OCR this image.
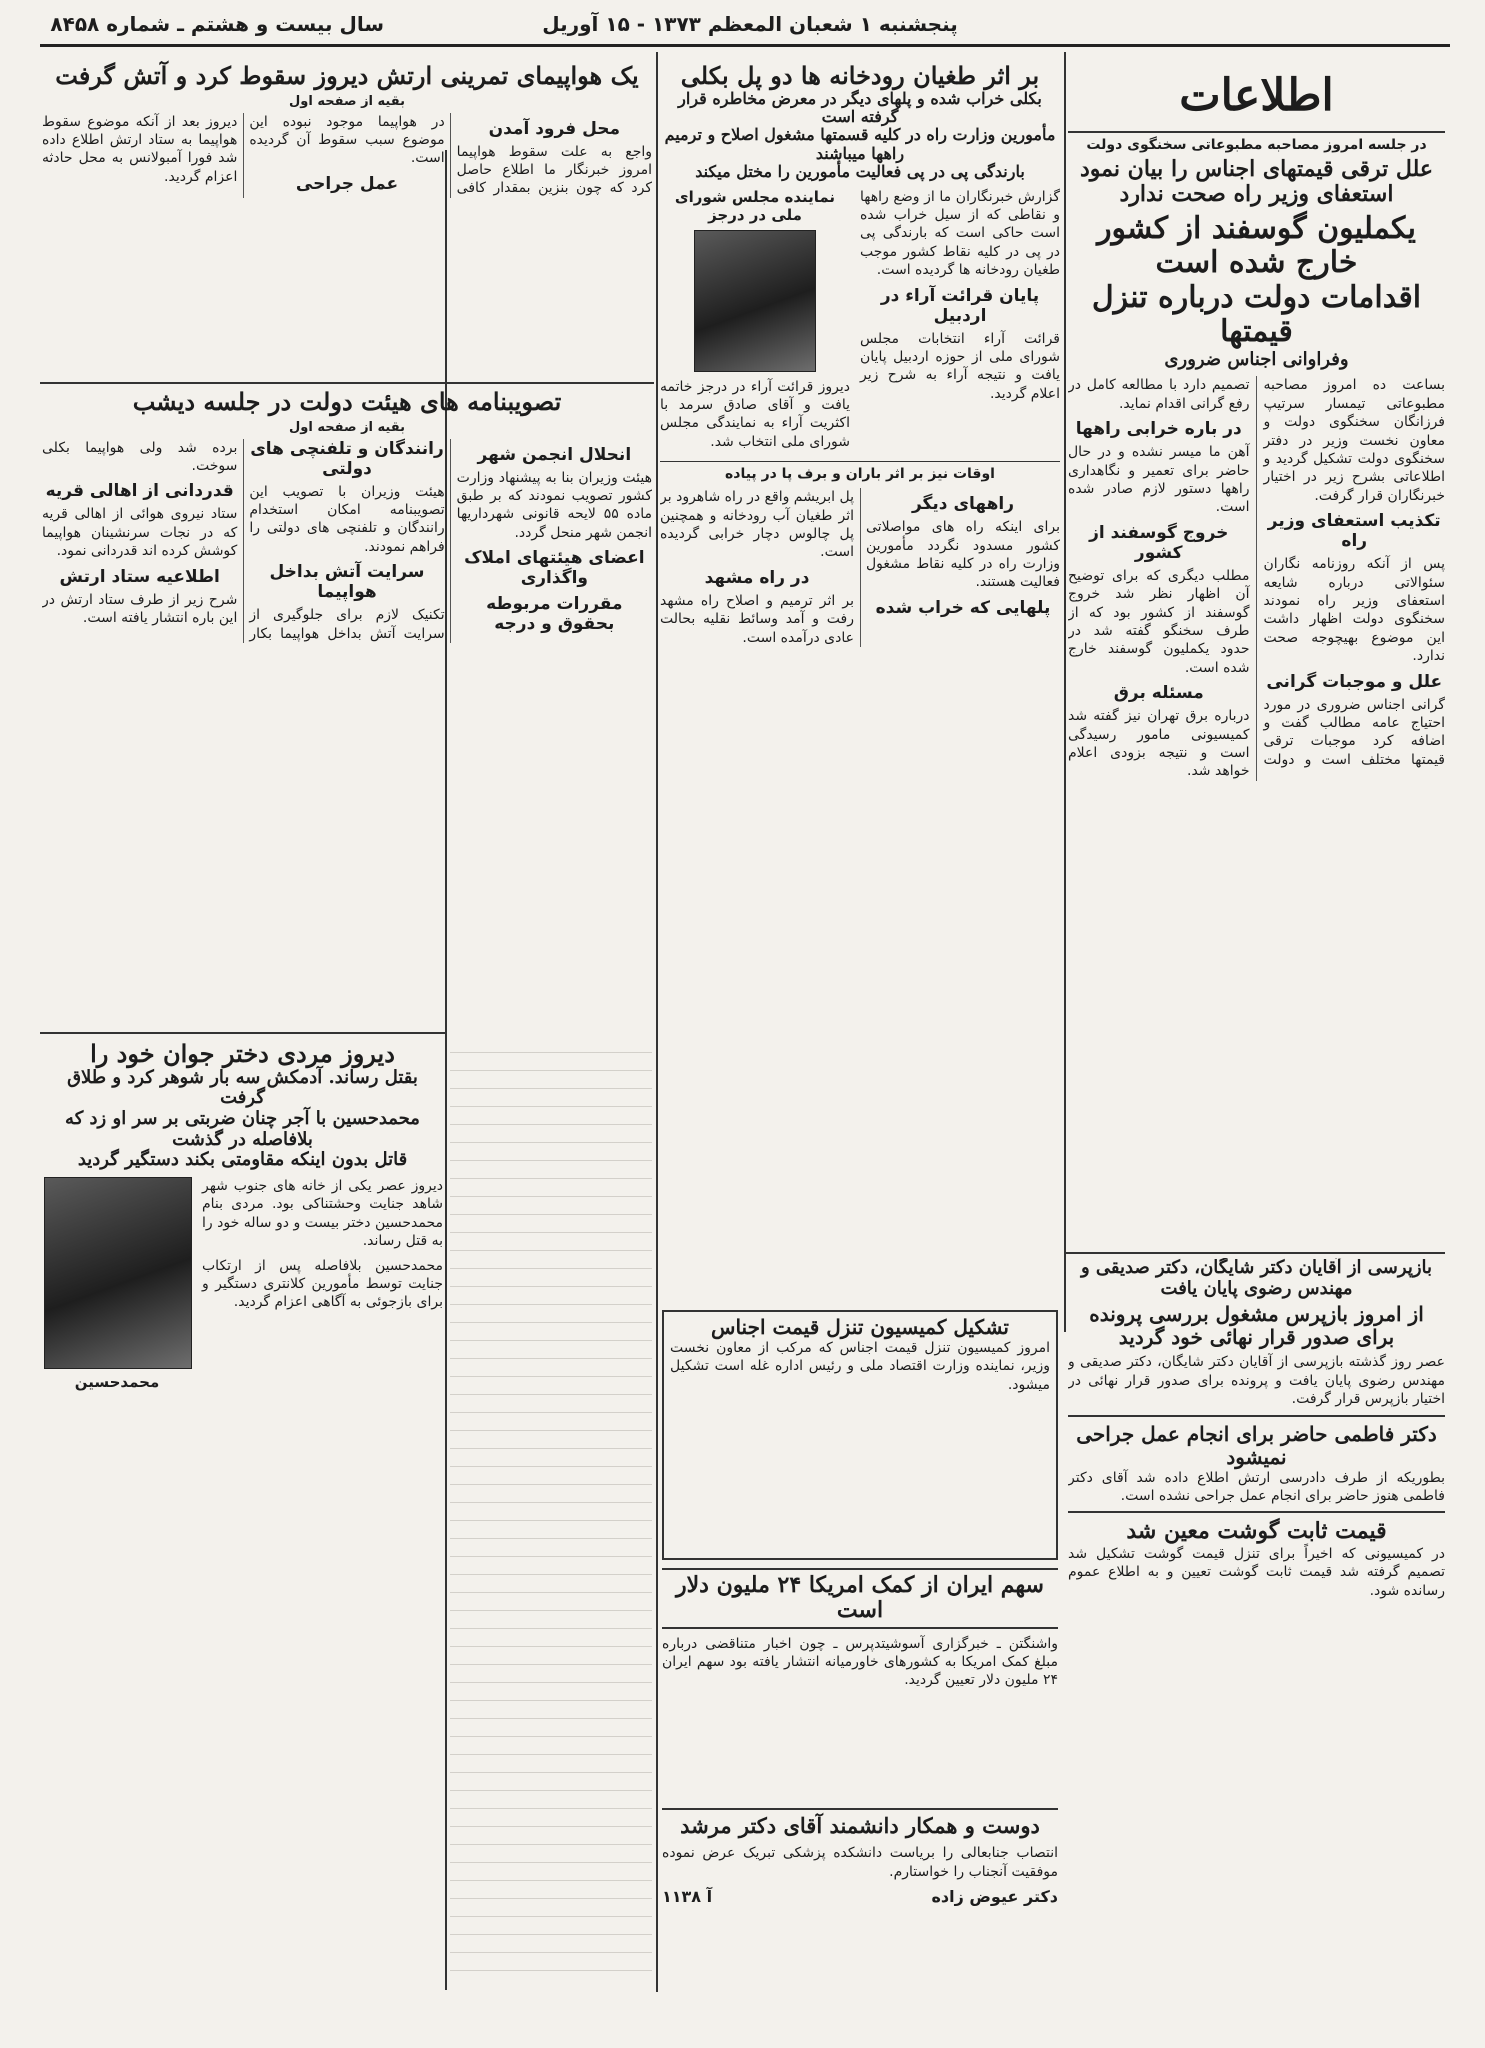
سال بیست و هشتم ـ شماره ۸۴۵۸	پنجشنبه ۱ شعبان المعظم ۱۳۷۳ - ۱۵ آوریل
اطلاعات
در جلسه امروز مصاحبه مطبوعاتی سخنگوی دولت
علل ترقی قیمتهای اجناس را بیان نمود
استعفای وزیر راه صحت ندارد
یکملیون گوسفند از کشور خارج شده است
اقدامات دولت درباره تنزل قیمتها
وفراوانی اجناس ضروری

بساعت ده امروز مصاحبه مطبوعاتی تیمسار سرتیپ فرزانگان سخنگوی دولت و معاون نخست وزیر در دفتر سخنگوی دولت تشکیل گردید و اطلاعاتی بشرح زیر در اختیار خبرنگاران قرار گرفت.

تکذیب استعفای وزیر راه

پس از آنکه روزنامه نگاران سئوالاتی درباره شایعه استعفای وزیر راه نمودند سخنگوی دولت اظهار داشت این موضوع بهیچوجه صحت ندارد.

علل و موجبات گرانی

گرانی اجناس ضروری در مورد احتیاج عامه مطالب گفت و اضافه کرد موجبات ترقی قیمتها مختلف است و دولت تصمیم دارد با مطالعه کامل در رفع گرانی اقدام نماید.

در باره خرابی راهها

آهن ما میسر نشده و در حال حاضر برای تعمیر و نگاهداری راهها دستور لازم صادر شده است.

خروج گوسفند از کشور

مطلب دیگری که برای توضیح آن اظهار نظر شد خروج گوسفند از کشور بود که از طرف سخنگو گفته شد در حدود یکملیون گوسفند خارج شده است.

مسئله برق

درباره برق تهران نیز گفته شد کمیسیونی مامور رسیدگی است و نتیجه بزودی اعلام خواهد شد.

بازپرسی از آقایان دکتر شایگان، دکتر صدیقی و مهندس رضوی پایان یافت
از امروز بازپرس مشغول بررسی پرونده برای صدور قرار نهائی خود گردید

عصر روز گذشته بازپرسی از آقایان دکتر شایگان، دکتر صدیقی و مهندس رضوی پایان یافت و پرونده برای صدور قرار نهائی در اختیار بازپرس قرار گرفت.

دکتر فاطمی حاضر برای انجام عمل جراحی نمیشود

بطوریکه از طرف دادرسی ارتش اطلاع داده شد آقای دکتر فاطمی هنوز حاضر برای انجام عمل جراحی نشده است.

قیمت ثابت گوشت معین شد

در کمیسیونی که اخیراً برای تنزل قیمت گوشت تشکیل شد تصمیم گرفته شد قیمت ثابت گوشت تعیین و به اطلاع عموم رسانده شود.

بر اثر طغیان رودخانه ها دو پل بکلی
بکلی خراب شده و پلهای دیگر در معرض مخاطره قرار گرفته است
مأمورین وزارت راه در کلیه قسمتها مشغول اصلاح و ترمیم راهها میباشند
بارندگی پی در پی فعالیت مأمورین را مختل میکند

گزارش خبرنگاران ما از وضع راهها و نقاطی که از سیل خراب شده است حاکی است که بارندگی پی در پی در کلیه نقاط کشور موجب طغیان رودخانه ها گردیده است.

پایان قرائت آراء در اردبیل

قرائت آراء انتخابات مجلس شورای ملی از حوزه اردبیل پایان یافت و نتیجه آراء به شرح زیر اعلام گردید.

نماینده مجلس شورای ملی در درجز

دیروز قرائت آراء در درجز خاتمه یافت و آقای صادق سرمد با اکثریت آراء به نمایندگی مجلس شورای ملی انتخاب شد.

اوقات نیز بر اثر باران و برف پا در پیاده
راههای دیگر

برای اینکه راه های مواصلاتی کشور مسدود نگردد مأمورین وزارت راه در کلیه نقاط مشغول فعالیت هستند.

پلهایی که خراب شده

پل ابریشم واقع در راه شاهرود بر اثر طغیان آب رودخانه و همچنین پل چالوس دچار خرابی گردیده است.

در راه مشهد

بر اثر ترمیم و اصلاح راه مشهد رفت و آمد وسائط نقلیه بحالت عادی درآمده است.

تشکیل کمیسیون تنزل قیمت اجناس

امروز کمیسیون تنزل قیمت اجناس که مرکب از معاون نخست وزیر، نماینده وزارت اقتصاد ملی و رئیس اداره غله است تشکیل میشود.

سهم ایران از کمک امریکا ۲۴ ملیون دلار است

واشنگتن ـ خبرگزاری آسوشیتدپرس ـ چون اخبار متناقضی درباره مبلغ کمک امریکا به کشورهای خاورمیانه انتشار یافته بود سهم ایران ۲۴ ملیون دلار تعیین گردید.

دوست و همکار دانشمند آقای دکتر مرشد

انتصاب جنابعالی را بریاست دانشکده پزشکی تبریک عرض نموده موفقیت آنجناب را خواستارم.

دکتر عیوض زاده
آ ۱۱۳۸
یک هواپیمای تمرینی ارتش دیروز سقوط کرد و آتش گرفت
بقیه از صفحه اول
محل فرود آمدن

واجع به علت سقوط هواپیما امروز خبرنگار ما اطلاع حاصل کرد که چون بنزین بمقدار کافی در هواپیما موجود نبوده این موضوع سبب سقوط آن گردیده است.

عمل جراحی

دیروز بعد از آنکه موضوع سقوط هواپیما به ستاد ارتش اطلاع داده شد فورا آمبولانس به محل حادثه اعزام گردید.

تصویبنامه های هیئت دولت در جلسه دیشب
بقیه از صفحه اول
انحلال انجمن شهر

هیئت وزیران بنا به پیشنهاد وزارت کشور تصویب نمودند که بر طبق ماده ۵۵ لایحه قانونی شهرداریها انجمن شهر منحل گردد.

اعضای هیئتهای املاک واگذاری
مقررات مربوطه بحقوق و درجه رانندگان و تلفنچی های دولتی

هیئت وزیران با تصویب این تصویبنامه امکان استخدام رانندگان و تلفنچی های دولتی را فراهم نمودند.

سرایت آتش بداخل هواپیما

تکنیک لازم برای جلوگیری از سرایت آتش بداخل هواپیما بکار برده شد ولی هواپیما بکلی سوخت.

قدردانی از اهالی قریه

ستاد نیروی هوائی از اهالی قریه که در نجات سرنشینان هواپیما کوشش کرده اند قدردانی نمود.

اطلاعیه ستاد ارتش

شرح زیر از طرف ستاد ارتش در این باره انتشار یافته است.

دیروز مردی دختر جوان خود را
بقتل رساند. آدمکش سه بار شوهر کرد و طلاق گرفت
محمدحسین با آجر چنان ضربتی بر سر او زد که بلافاصله در گذشت
قاتل بدون اینکه مقاومتی بکند دستگیر گردید

دیروز عصر یکی از خانه های جنوب شهر شاهد جنایت وحشتناکی بود. مردی بنام محمدحسین دختر بیست و دو ساله خود را به قتل رساند.

محمدحسین بلافاصله پس از ارتکاب جنایت توسط مأمورین کلانتری دستگیر و برای بازجوئی به آگاهی اعزام گردید.

محمدحسین
